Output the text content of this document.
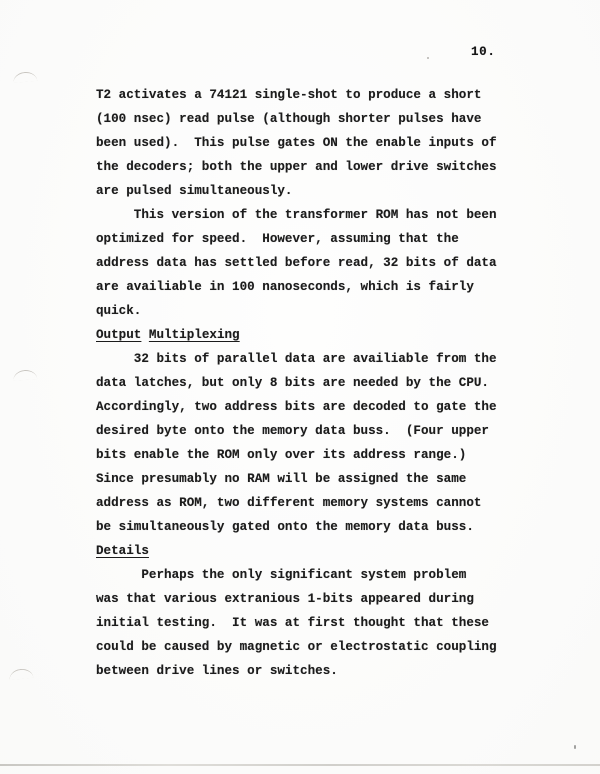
10.
T2 activates a 74121 single-shot to produce a short
(100 nsec) read pulse (although shorter pulses have
been used).  This pulse gates ON the enable inputs of
the decoders; both the upper and lower drive switches
are pulsed simultaneously.
This version of the transformer ROM has not been
optimized for speed.  However, assuming that the
address data has settled before read, 32 bits of data
are availiable in 100 nanoseconds, which is fairly
quick.
Output Multiplexing
32 bits of parallel data are availiable from the
data latches, but only 8 bits are needed by the CPU.
Accordingly, two address bits are decoded to gate the
desired byte onto the memory data buss.  (Four upper
bits enable the ROM only over its address range.)
Since presumably no RAM will be assigned the same
address as ROM, two different memory systems cannot
be simultaneously gated onto the memory data buss.
Details
Perhaps the only significant system problem
was that various extranious 1-bits appeared during
initial testing.  It was at first thought that these
could be caused by magnetic or electrostatic coupling
between drive lines or switches.
